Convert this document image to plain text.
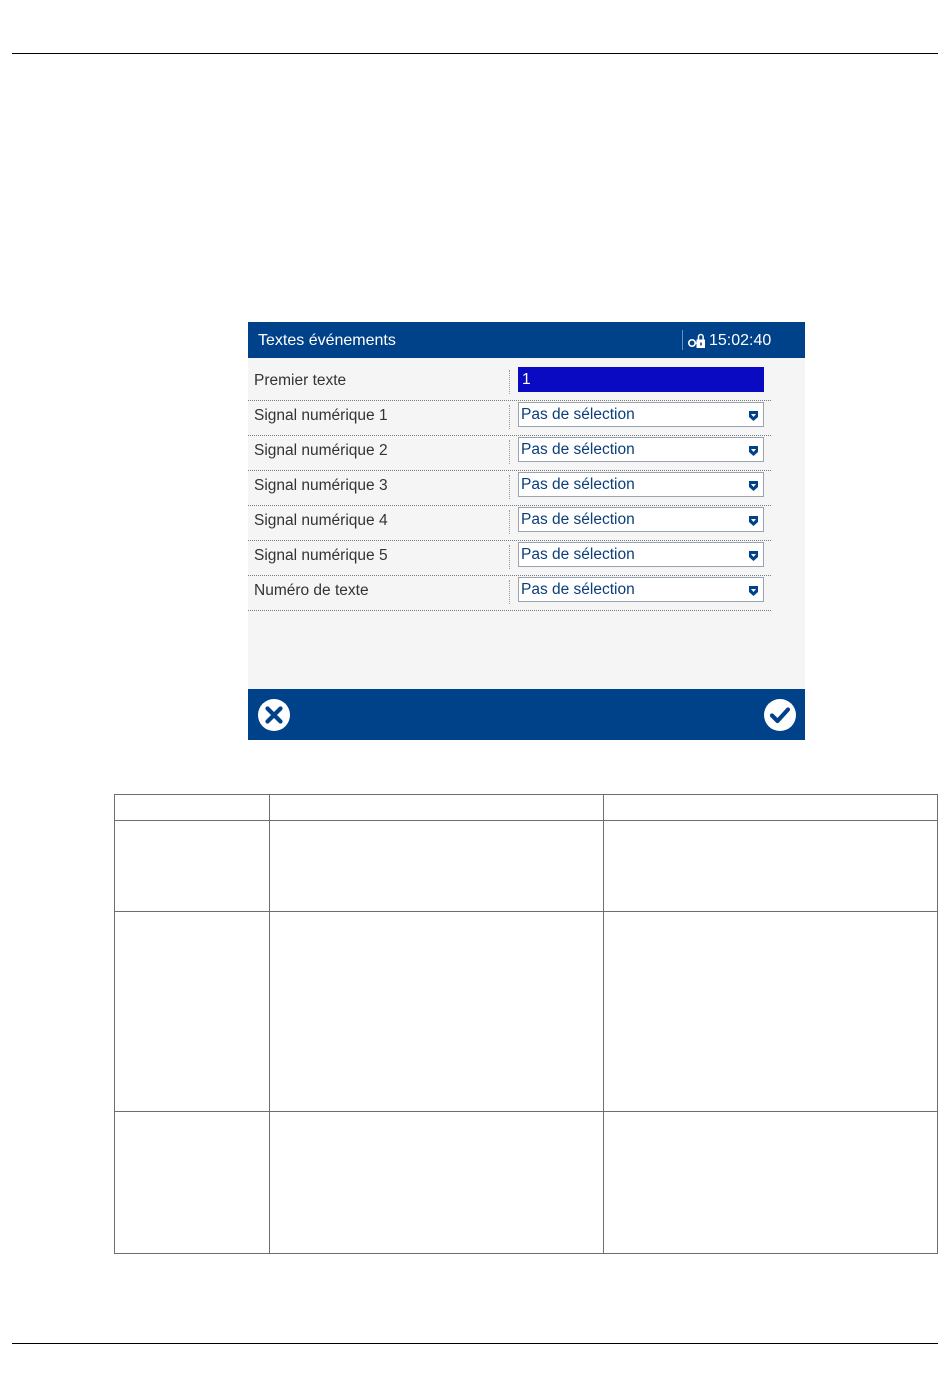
Textes événements	15:02:40
Premier texte	1
Signal numérique 1	Pas de sélection
Signal numérique 2	Pas de sélection
Signal numérique 3	Pas de sélection
Signal numérique 4	Pas de sélection
Signal numérique 5	Pas de sélection
Numéro de texte	Pas de sélection
